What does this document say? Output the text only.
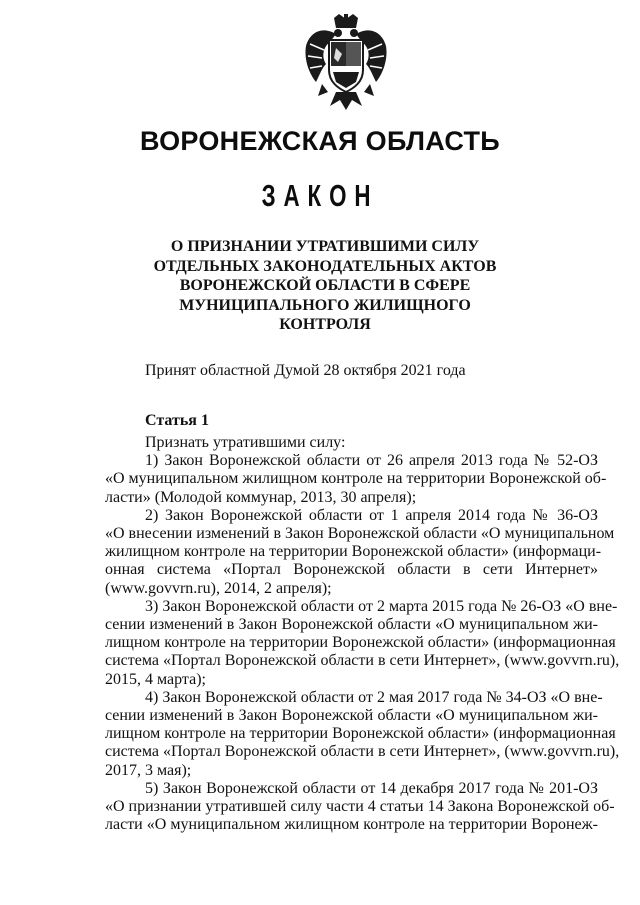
ВОРОНЕЖСКАЯ ОБЛАСТЬ
ЗАКОН
О ПРИЗНАНИИ УТРАТИВШИМИ СИЛУ
ОТДЕЛЬНЫХ ЗАКОНОДАТЕЛЬНЫХ АКТОВ
ВОРОНЕЖСКОЙ ОБЛАСТИ В СФЕРЕ
МУНИЦИПАЛЬНОГО ЖИЛИЩНОГО
КОНТРОЛЯ
Принят областной Думой 28 октября 2021 года
Статья 1
Признать утратившими силу:
1) Закон Воронежской области от 26 апреля 2013 года № 52-ОЗ
«О муниципальном жилищном контроле на территории Воронежской об-
ласти» (Молодой коммунар, 2013, 30 апреля);
2) Закон Воронежской области от 1 апреля 2014 года № 36-ОЗ
«О внесении изменений в Закон Воронежской области «О муниципальном
жилищном контроле на территории Воронежской области» (информаци-
онная система «Портал Воронежской области в сети Интернет»
(www.govvrn.ru), 2014, 2 апреля);
3) Закон Воронежской области от 2 марта 2015 года № 26-ОЗ «О вне-
сении изменений в Закон Воронежской области «О муниципальном жи-
лищном контроле на территории Воронежской области» (информационная
система «Портал Воронежской области в сети Интернет», (www.govvrn.ru),
2015, 4 марта);
4) Закон Воронежской области от 2 мая 2017 года № 34-ОЗ «О вне-
сении изменений в Закон Воронежской области «О муниципальном жи-
лищном контроле на территории Воронежской области» (информационная
система «Портал Воронежской области в сети Интернет», (www.govvrn.ru),
2017, 3 мая);
5) Закон Воронежской области от 14 декабря 2017 года № 201-ОЗ
«О признании утратившей силу части 4 статьи 14 Закона Воронежской об-
ласти «О муниципальном жилищном контроле на территории Воронеж-
